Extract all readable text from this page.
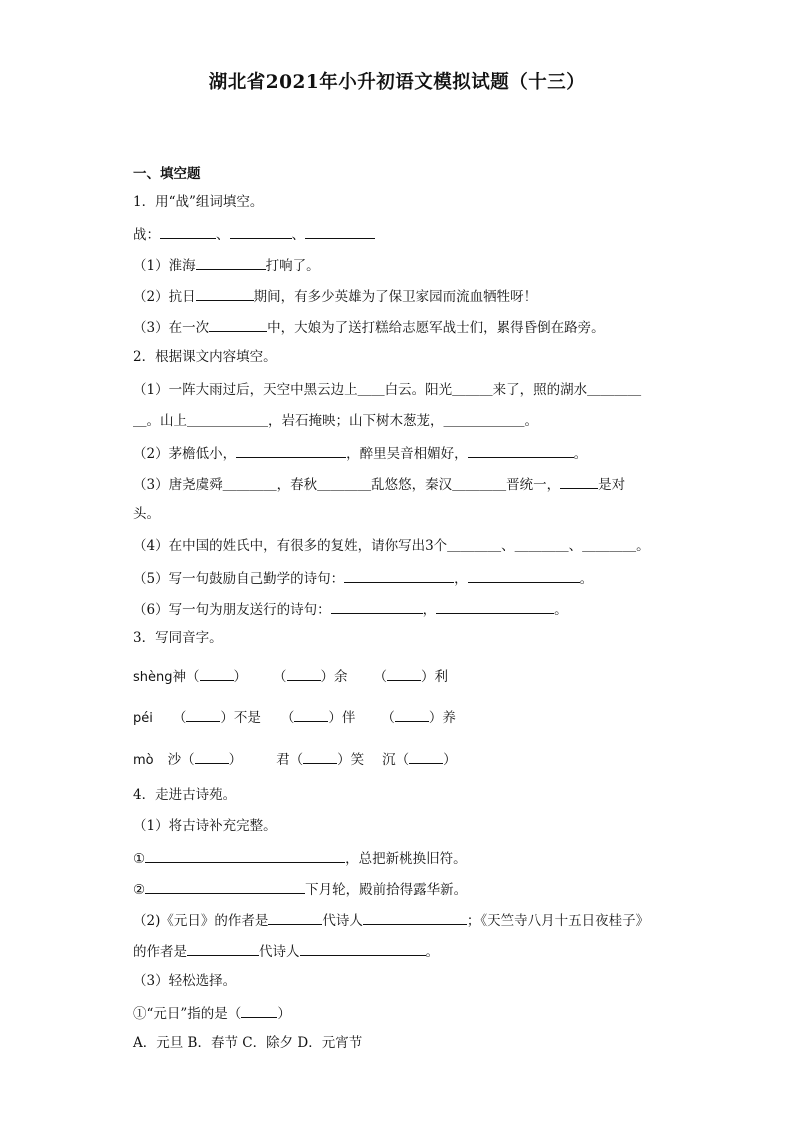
湖北省2021年小升初语文模拟试题（十三）
一、填空题
1．用“战”组词填空。
战：	、	、
（1）淮海	打响了。
（2）抗日	期间，有多少英雄为了保卫家园而流血牺牲呀！
（3）在一次	中，大娘为了送打糕给志愿军战士们，累得昏倒在路旁。
2．根据课文内容填空。
（1）一阵大雨过后，天空中黑云边上＿＿白云。阳光＿＿＿来了，照的湖水＿＿＿＿
＿。山上＿＿＿＿＿＿，岩石掩映；山下树木葱茏，＿＿＿＿＿＿。
（2）茅檐低小，	，醉里吴音相媚好，	。
（3）唐尧虞舜＿＿＿＿，春秋＿＿＿＿乱悠悠，秦汉＿＿＿＿晋统一，	是对
头。
（4）在中国的姓氏中，有很多的复姓，请你写出3个＿＿＿＿、＿＿＿＿、＿＿＿＿。
（5）写一句鼓励自己勤学的诗句：	，	。
（6）写一句为朋友送行的诗句：	，	。
3．写同音字。
shèng神（	） （	）余 （	）利
péi （	）不是 （	）伴 （	）养
mò 沙（	）	君（	）笑 沉（	）
4．走进古诗苑。
（1）将古诗补充完整。
①	，总把新桃换旧符。
②	下月轮，殿前拾得露华新。
（2)《元日》的作者是	代诗人	；《天竺寺八月十五日夜桂子》
的作者是	代诗人	。
（3）轻松选择。
①“元日”指的是（	）
A．元旦 B．春节 C．除夕 D．元宵节
